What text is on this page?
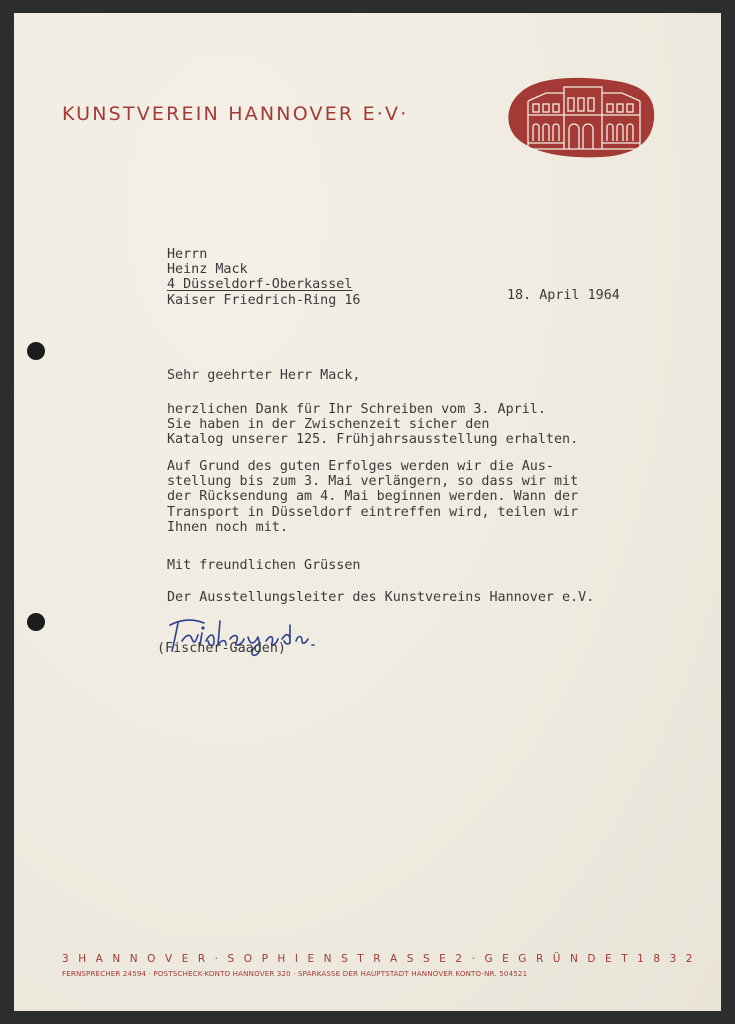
KUNSTVEREIN HANNOVER E·V·
Herrn
Heinz Mack
4 Düsseldorf-Oberkassel
Kaiser Friedrich-Ring 16	18. April 1964
Sehr geehrter Herr Mack,
herzlichen Dank für Ihr Schreiben vom 3. April.
Sie haben in der Zwischenzeit sicher den
Katalog unserer 125. Frühjahrsausstellung erhalten.
Auf Grund des guten Erfolges werden wir die Aus-
stellung bis zum 3. Mai verlängern, so dass wir mit
der Rücksendung am 4. Mai beginnen werden. Wann der
Transport in Düsseldorf eintreffen wird, teilen wir
Ihnen noch mit.
Mit freundlichen Grüssen
Der Ausstellungsleiter des Kunstvereins Hannover e.V.
(Fischer-Gaaden)
3 H A N N O V E R · S O P H I E N S T R A S S E 2 · G E G R Ü N D E T 1 8 3 2
FERNSPRECHER 24594 · POSTSCHECK-KONTO HANNOVER 320 · SPARKASSE DER HAUPTSTADT HANNOVER KONTO-NR. 504521
